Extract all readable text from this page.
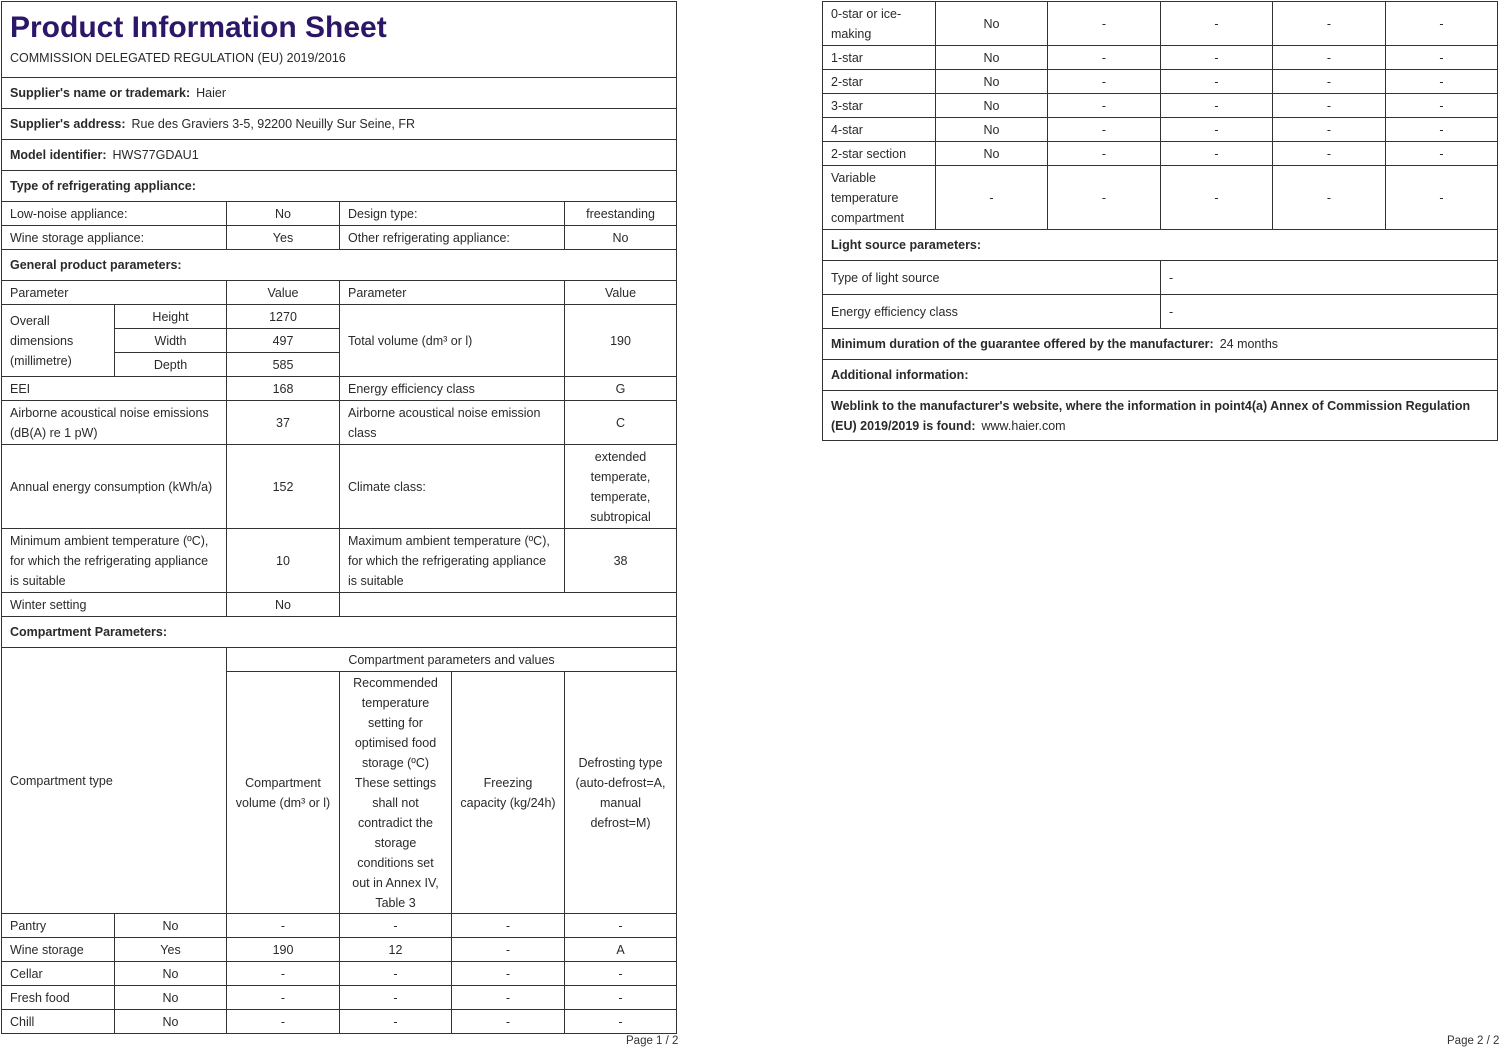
Product Information Sheet
COMMISSION DELEGATED REGULATION (EU) 2019/2016					

Supplier's name or trademark: Haier					
Supplier's address: Rue des Graviers 3-5, 92200 Neuilly Sur Seine, FR					
Model identifier: HWS77GDAU1					
Type of refrigerating appliance:					
Low-noise appliance:		No	Design type:		freestanding
Wine storage appliance:		Yes	Other refrigerating appliance:		No
General product parameters:					
Parameter		Value	Parameter		Value
Overall dimensions (millimetre)	Height	1270	Total volume (dm³ or l)		190
	Width	497			
	Depth	585			
EEI		168	Energy efficiency class		G
Airborne acoustical noise emissions (dB(A) re 1 pW)		37	Airborne acoustical noise emission class		C
Annual energy consumption (kWh/a)		152	Climate class:		extended temperate, temperate, subtropical
Minimum ambient temperature (ºC), for which the refrigerating appliance is suitable		10	Maximum ambient temperature (ºC), for which the refrigerating appliance is suitable		38
Winter setting		No			
Compartment Parameters:					
Compartment type		Compartment parameters and values			
		Compartment volume (dm³ or l)	Recommended temperature setting for optimised food storage (ºC) These settings shall not contradict the storage conditions set out in Annex IV, Table 3	Freezing capacity (kg/24h)	Defrosting type (auto-defrost=A, manual defrost=M)
Pantry	No	-	-	-	-
Wine storage	Yes	190	12	-	A
Cellar	No	-	-	-	-
Fresh food	No	-	-	-	-
Chill	No	-	-	-	-
Page 1 / 2
0-star or ice-making	No	-	-	-	-
1-star	No	-	-	-	-
2-star	No	-	-	-	-
3-star	No	-	-	-	-
4-star	No	-	-	-	-
2-star section	No	-	-	-	-
Variable temperature compartment	-	-	-	-	-
Light source parameters:					
Type of light source			-		
Energy efficiency class			-		
Minimum duration of the guarantee offered by the manufacturer: 24 months					
Additional information:					
Weblink to the manufacturer's website, where the information in point4(a) Annex of Commission Regulation (EU) 2019/2019 is found: www.haier.com					
Page 2 / 2
